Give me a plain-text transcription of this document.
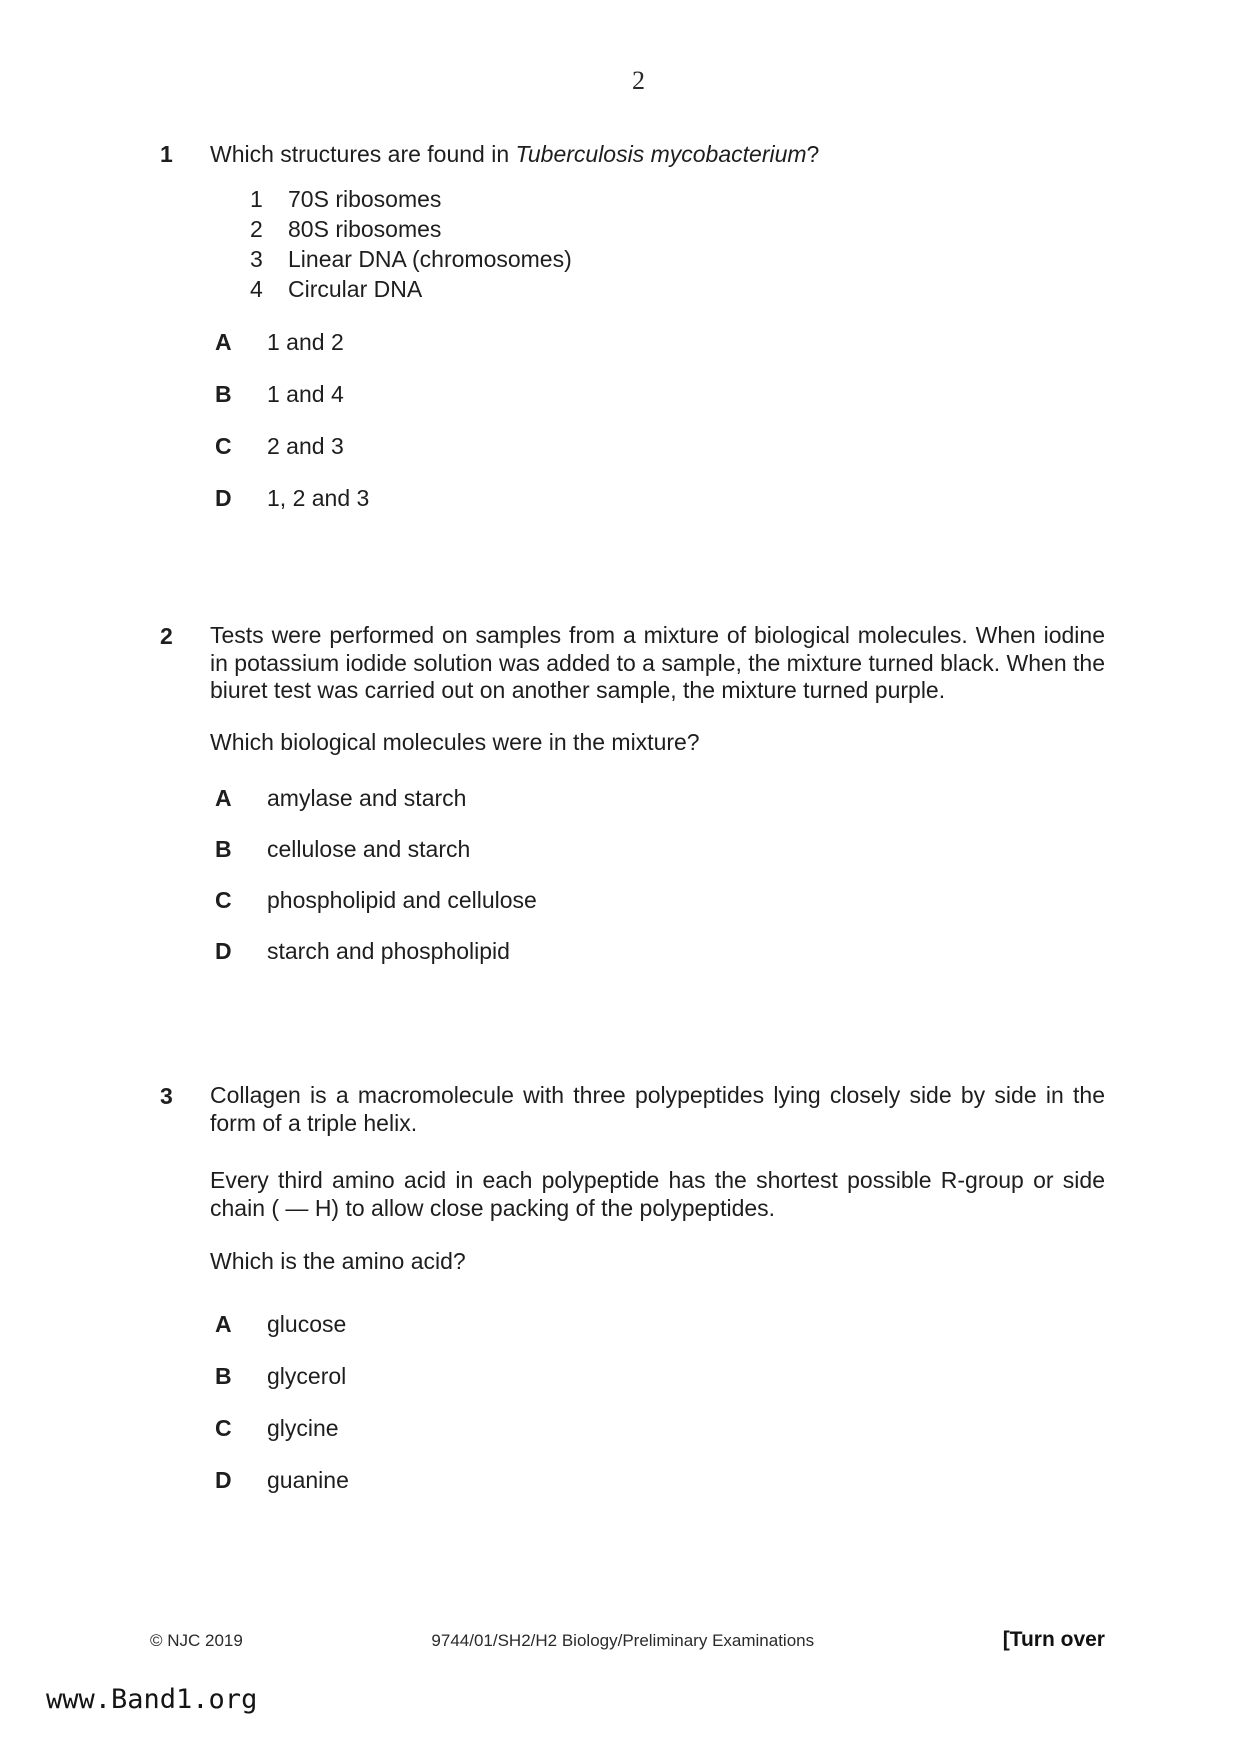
2
1	Which structures are found in Tuberculosis mycobacterium?

1	70S ribosomes
2	80S ribosomes
3	Linear DNA (chromosomes)
4	Circular DNA
A	1 and 2
B	1 and 4
C	2 and 3
D	1, 2 and 3
2	Tests were performed on samples from a mixture of biological molecules. When iodine in potassium iodide solution was added to a sample, the mixture turned black. When the biuret test was carried out on another sample, the mixture turned purple.

Which biological molecules were in the mixture?

A	amylase and starch
B	cellulose and starch
C	phospholipid and cellulose
D	starch and phospholipid
3	Collagen is a macromolecule with three polypeptides lying closely side by side in the form of a triple helix.

Every third amino acid in each polypeptide has the shortest possible R-group or side chain ( — H) to allow close packing of the polypeptides.

Which is the amino acid?

A	glucose
B	glycerol
C	glycine
D	guanine
© NJC 2019	9744/01/SH2/H2 Biology/Preliminary Examinations	[Turn over
www.Band1.org
